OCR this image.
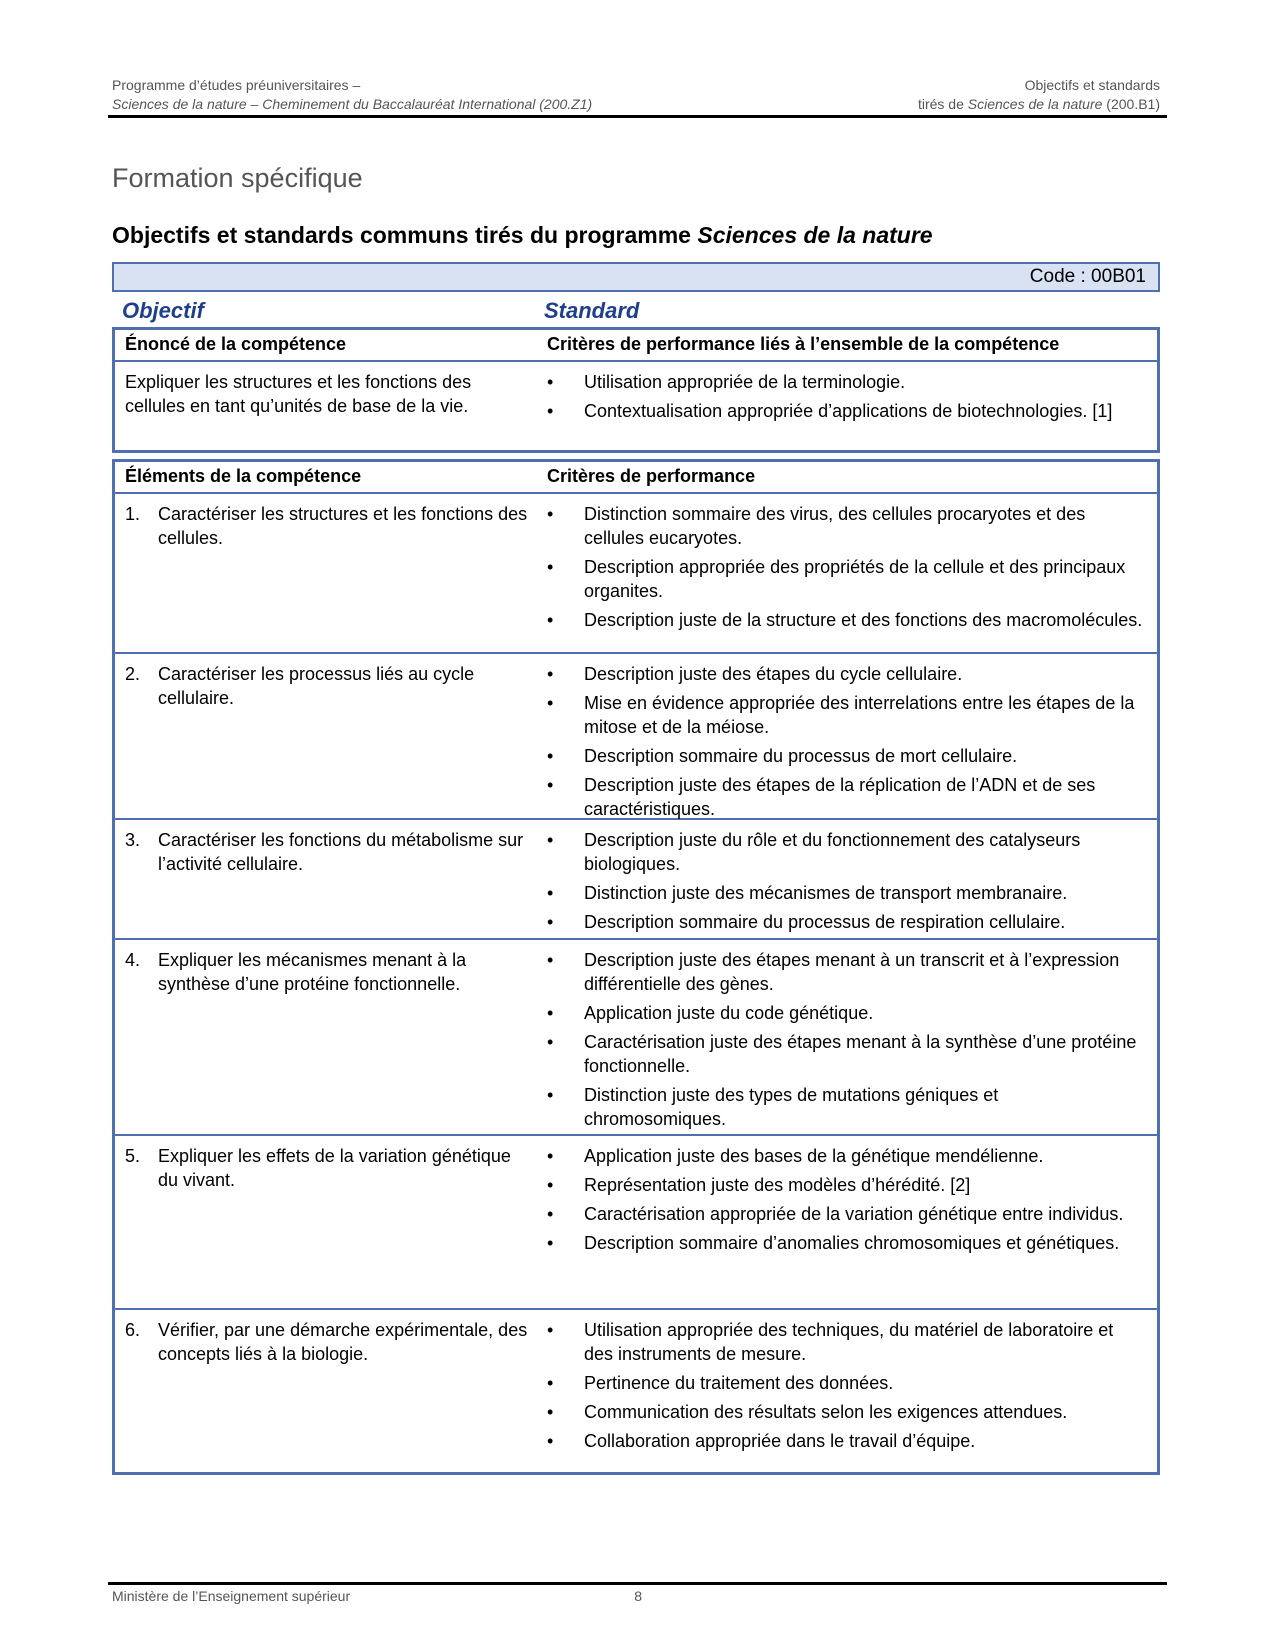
Programme d’études préuniversitaires –	Objectifs et standards
Sciences de la nature – Cheminement du Baccalauréat International (200.Z1)	tirés de Sciences de la nature (200.B1)
Formation spécifique
Objectifs et standards communs tirés du programme Sciences de la nature
Code : 00B01
Objectif	Standard
Énoncé de la compétence	Critères de performance liés à l’ensemble de la compétence
Expliquer les structures et les fonctions des cellules en tant qu’unités de base de la vie.
• Utilisation appropriée de la terminologie.
• Contextualisation appropriée d’applications de biotechnologies. [1]
Éléments de la compétence	Critères de performance
1. Caractériser les structures et les fonctions des cellules.
• Distinction sommaire des virus, des cellules procaryotes et des cellules eucaryotes.
• Description appropriée des propriétés de la cellule et des principaux organites.
• Description juste de la structure et des fonctions des macromolécules.
2. Caractériser les processus liés au cycle cellulaire.
• Description juste des étapes du cycle cellulaire.
• Mise en évidence appropriée des interrelations entre les étapes de la mitose et de la méiose.
• Description sommaire du processus de mort cellulaire.
• Description juste des étapes de la réplication de l’ADN et de ses caractéristiques.
3. Caractériser les fonctions du métabolisme sur l’activité cellulaire.
• Description juste du rôle et du fonctionnement des catalyseurs biologiques.
• Distinction juste des mécanismes de transport membranaire.
• Description sommaire du processus de respiration cellulaire.
4. Expliquer les mécanismes menant à la synthèse d’une protéine fonctionnelle.
• Description juste des étapes menant à un transcrit et à l’expression différentielle des gènes.
• Application juste du code génétique.
• Caractérisation juste des étapes menant à la synthèse d’une protéine fonctionnelle.
• Distinction juste des types de mutations géniques et chromosomiques.
5. Expliquer les effets de la variation génétique du vivant.
• Application juste des bases de la génétique mendélienne.
• Représentation juste des modèles d’hérédité. [2]
• Caractérisation appropriée de la variation génétique entre individus.
• Description sommaire d’anomalies chromosomiques et génétiques.
6. Vérifier, par une démarche expérimentale, des concepts liés à la biologie.
• Utilisation appropriée des techniques, du matériel de laboratoire et des instruments de mesure.
• Pertinence du traitement des données.
• Communication des résultats selon les exigences attendues.
• Collaboration appropriée dans le travail d’équipe.
Ministère de l’Enseignement supérieur	8
